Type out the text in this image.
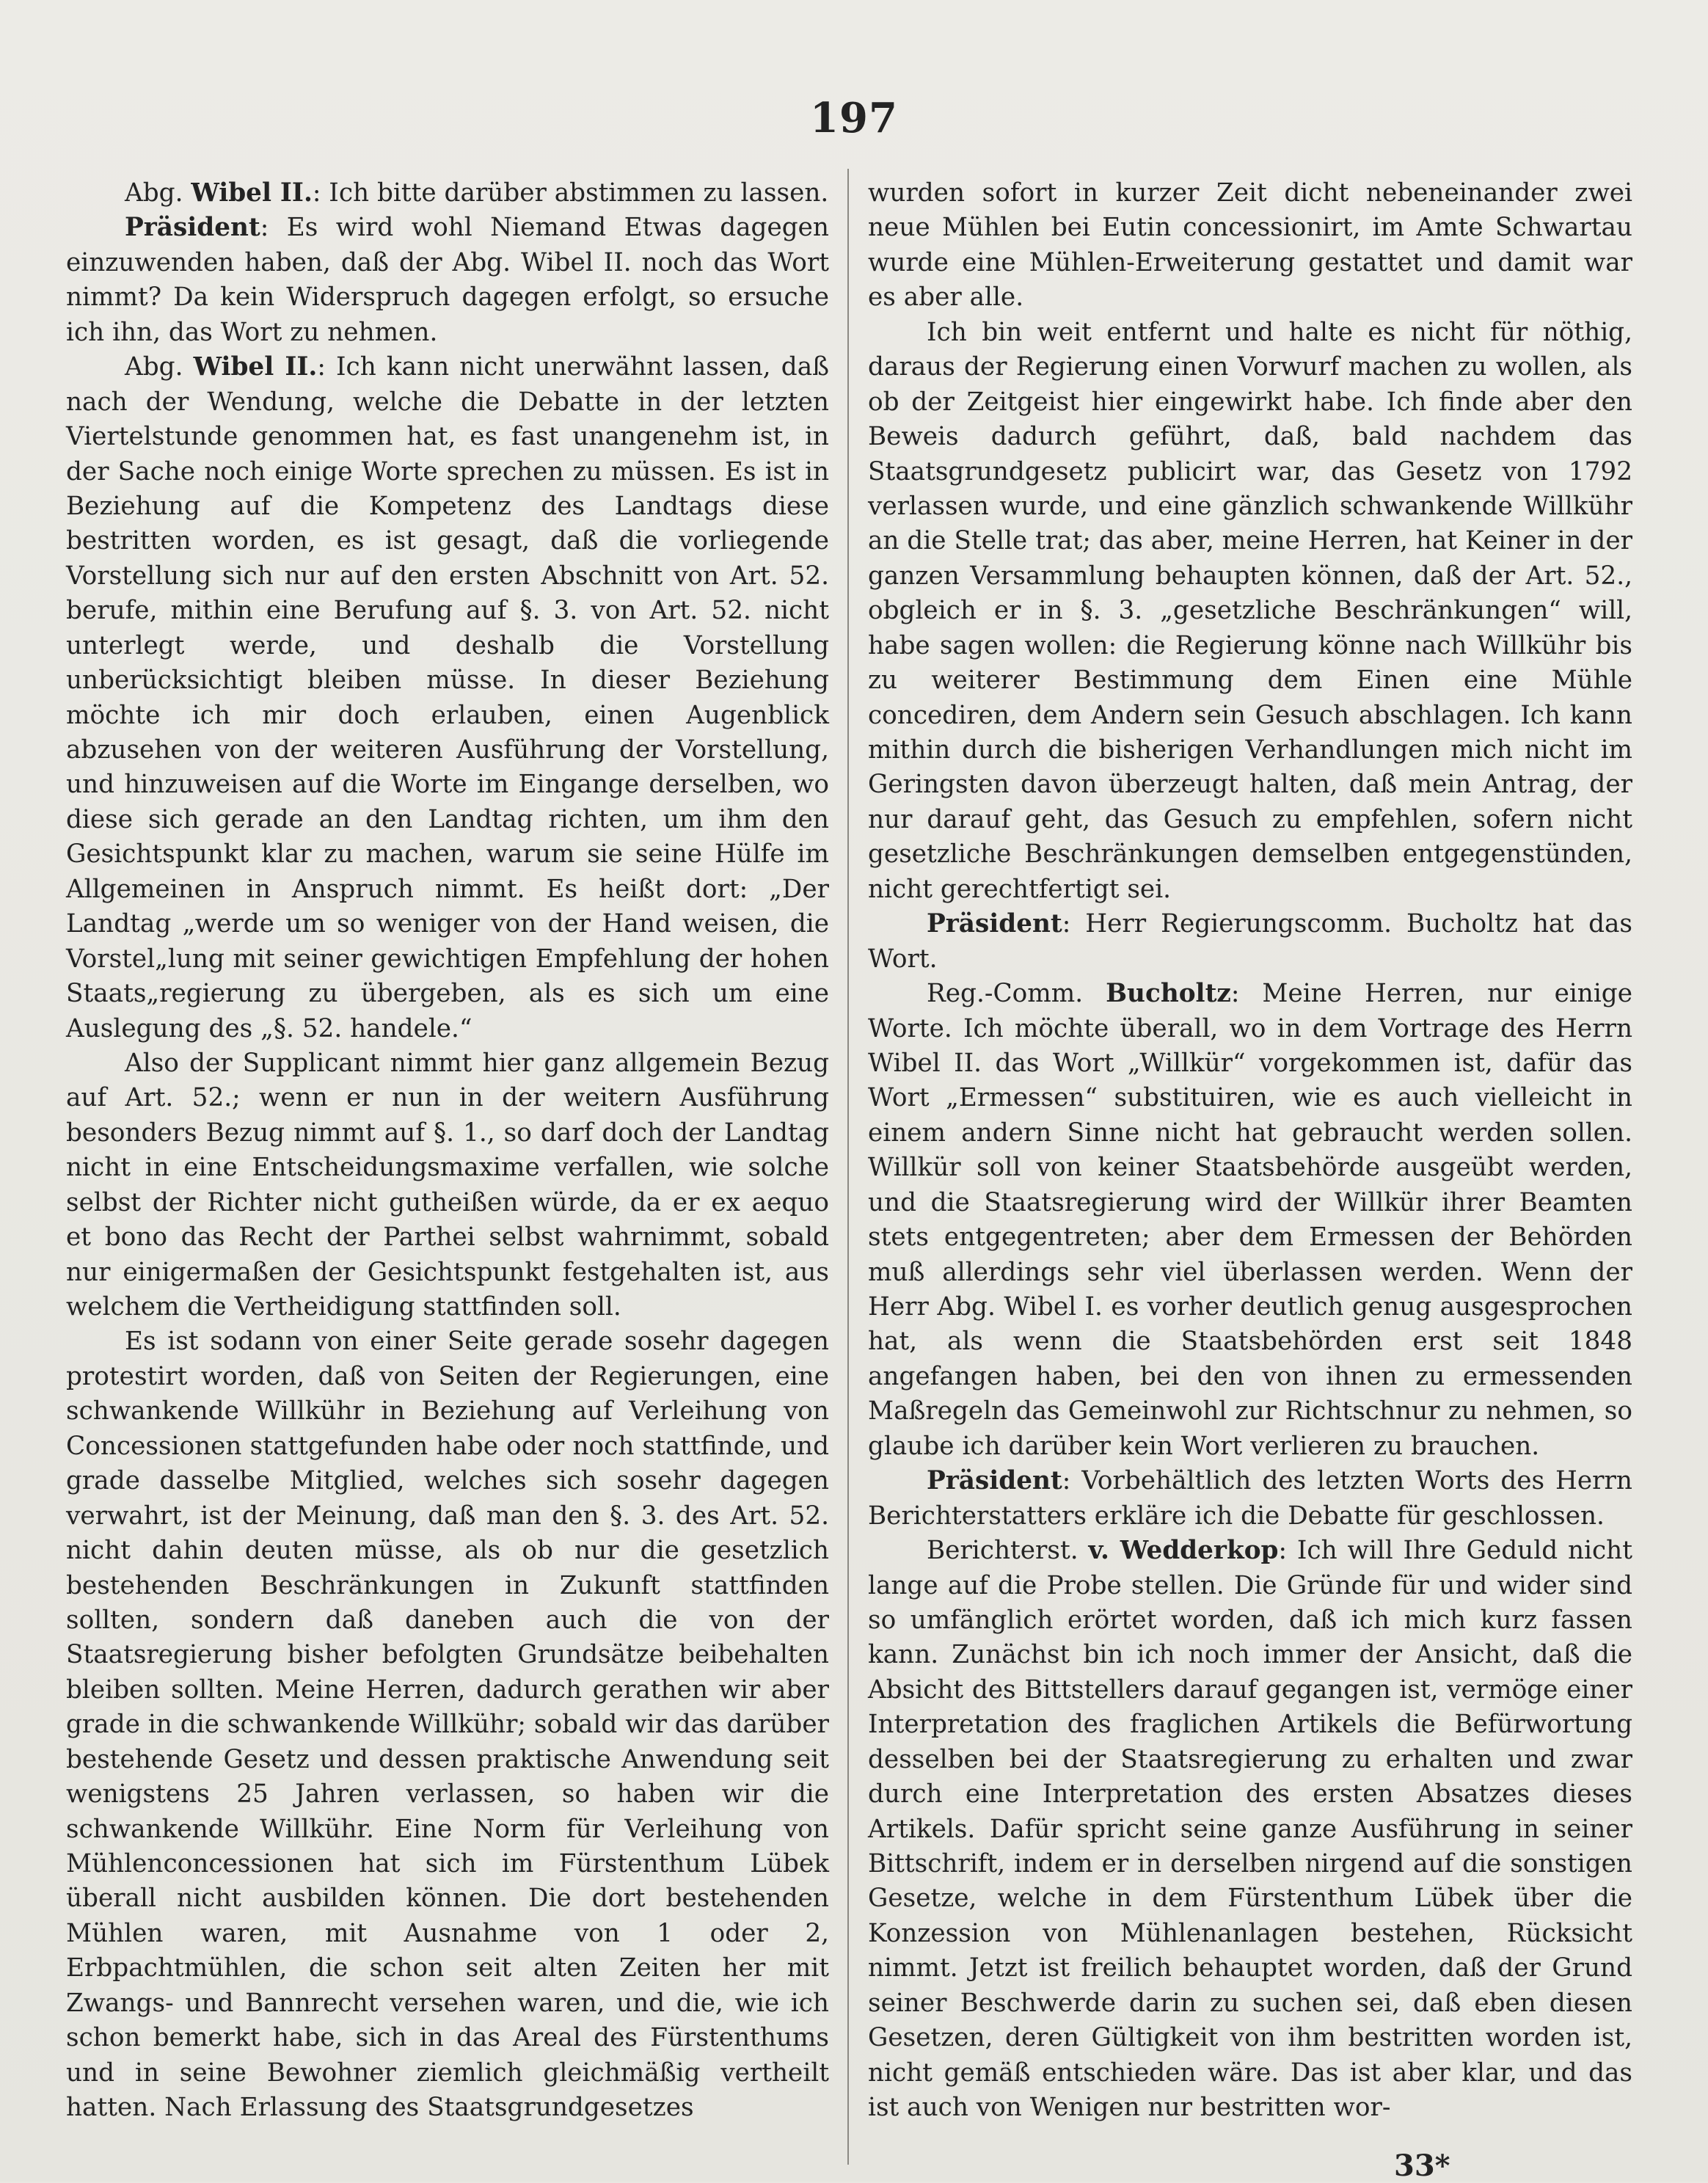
197

Abg. Wibel II.: Ich bitte darüber abstimmen zu lassen.

Präsident: Es wird wohl Niemand Etwas dagegen einzuwenden haben, daß der Abg. Wibel II. noch das Wort nimmt? Da kein Widerspruch dagegen erfolgt, so ersuche ich ihn, das Wort zu nehmen.

Abg. Wibel II.: Ich kann nicht unerwähnt lassen, daß nach der Wendung, welche die Debatte in der letzten Viertelstunde genommen hat, es fast unangenehm ist, in der Sache noch einige Worte sprechen zu müssen. Es ist in Beziehung auf die Kompetenz des Landtags diese bestritten worden, es ist gesagt, daß die vorliegende Vorstellung sich nur auf den ersten Abschnitt von Art. 52. berufe, mithin eine Berufung auf §. 3. von Art. 52. nicht unterlegt werde, und deshalb die Vorstellung unberücksichtigt bleiben müsse. In dieser Beziehung möchte ich mir doch erlauben, einen Augenblick abzusehen von der weiteren Ausführung der Vorstellung, und hinzuweisen auf die Worte im Eingange derselben, wo diese sich gerade an den Landtag richten, um ihm den Gesichtspunkt klar zu machen, warum sie seine Hülfe im Allgemeinen in Anspruch nimmt. Es heißt dort: „Der Landtag „werde um so weniger von der Hand weisen, die Vorstel„lung mit seiner gewichtigen Empfehlung der hohen Staats„regierung zu übergeben, als es sich um eine Auslegung des „§. 52. handele.“

Also der Supplicant nimmt hier ganz allgemein Bezug auf Art. 52.; wenn er nun in der weitern Ausführung besonders Bezug nimmt auf §. 1., so darf doch der Landtag nicht in eine Entscheidungsmaxime verfallen, wie solche selbst der Richter nicht gutheißen würde, da er ex aequo et bono das Recht der Parthei selbst wahrnimmt, sobald nur einigermaßen der Gesichtspunkt festgehalten ist, aus welchem die Vertheidigung stattfinden soll.

Es ist sodann von einer Seite gerade sosehr dagegen protestirt worden, daß von Seiten der Regierungen, eine schwankende Willkühr in Beziehung auf Verleihung von Concessionen stattgefunden habe oder noch stattfinde, und grade dasselbe Mitglied, welches sich sosehr dagegen verwahrt, ist der Meinung, daß man den §. 3. des Art. 52. nicht dahin deuten müsse, als ob nur die gesetzlich bestehenden Beschränkungen in Zukunft stattfinden sollten, sondern daß daneben auch die von der Staatsregierung bisher befolgten Grundsätze beibehalten bleiben sollten. Meine Herren, dadurch gerathen wir aber grade in die schwankende Willkühr; sobald wir das darüber bestehende Gesetz und dessen praktische Anwendung seit wenigstens 25 Jahren verlassen, so haben wir die schwankende Willkühr. Eine Norm für Verleihung von Mühlenconcessionen hat sich im Fürstenthum Lübek überall nicht ausbilden können. Die dort bestehenden Mühlen waren, mit Ausnahme von 1 oder 2, Erbpachtmühlen, die schon seit alten Zeiten her mit Zwangs- und Bannrecht versehen waren, und die, wie ich schon bemerkt habe, sich in das Areal des Fürstenthums und in seine Bewohner ziemlich gleichmäßig vertheilt hatten. Nach Erlassung des Staatsgrundgesetzes

wurden sofort in kurzer Zeit dicht nebeneinander zwei neue Mühlen bei Eutin concessionirt, im Amte Schwartau wurde eine Mühlen-Erweiterung gestattet und damit war es aber alle.

Ich bin weit entfernt und halte es nicht für nöthig, daraus der Regierung einen Vorwurf machen zu wollen, als ob der Zeitgeist hier eingewirkt habe. Ich finde aber den Beweis dadurch geführt, daß, bald nachdem das Staatsgrundgesetz publicirt war, das Gesetz von 1792 verlassen wurde, und eine gänzlich schwankende Willkühr an die Stelle trat; das aber, meine Herren, hat Keiner in der ganzen Versammlung behaupten können, daß der Art. 52., obgleich er in §. 3. „gesetzliche Beschränkungen“ will, habe sagen wollen: die Regierung könne nach Willkühr bis zu weiterer Bestimmung dem Einen eine Mühle concediren, dem Andern sein Gesuch abschlagen. Ich kann mithin durch die bisherigen Verhandlungen mich nicht im Geringsten davon überzeugt halten, daß mein Antrag, der nur darauf geht, das Gesuch zu empfehlen, sofern nicht gesetzliche Beschränkungen demselben entgegenstünden, nicht gerechtfertigt sei.

Präsident: Herr Regierungscomm. Bucholtz hat das Wort.

Reg.-Comm. Bucholtz: Meine Herren, nur einige Worte. Ich möchte überall, wo in dem Vortrage des Herrn Wibel II. das Wort „Willkür“ vorgekommen ist, dafür das Wort „Ermessen“ substituiren, wie es auch vielleicht in einem andern Sinne nicht hat gebraucht werden sollen. Willkür soll von keiner Staatsbehörde ausgeübt werden, und die Staatsregierung wird der Willkür ihrer Beamten stets entgegentreten; aber dem Ermessen der Behörden muß allerdings sehr viel überlassen werden. Wenn der Herr Abg. Wibel I. es vorher deutlich genug ausgesprochen hat, als wenn die Staatsbehörden erst seit 1848 angefangen haben, bei den von ihnen zu ermessenden Maßregeln das Gemeinwohl zur Richtschnur zu nehmen, so glaube ich darüber kein Wort verlieren zu brauchen.

Präsident: Vorbehältlich des letzten Worts des Herrn Berichterstatters erkläre ich die Debatte für geschlossen.

Berichterst. v. Wedderkop: Ich will Ihre Geduld nicht lange auf die Probe stellen. Die Gründe für und wider sind so umfänglich erörtet worden, daß ich mich kurz fassen kann. Zunächst bin ich noch immer der Ansicht, daß die Absicht des Bittstellers darauf gegangen ist, vermöge einer Interpretation des fraglichen Artikels die Befürwortung desselben bei der Staatsregierung zu erhalten und zwar durch eine Interpretation des ersten Absatzes dieses Artikels. Dafür spricht seine ganze Ausführung in seiner Bittschrift, indem er in derselben nirgend auf die sonstigen Gesetze, welche in dem Fürstenthum Lübek über die Konzession von Mühlenanlagen bestehen, Rücksicht nimmt. Jetzt ist freilich behauptet worden, daß der Grund seiner Beschwerde darin zu suchen sei, daß eben diesen Gesetzen, deren Gültigkeit von ihm bestritten worden ist, nicht gemäß entschieden wäre. Das ist aber klar, und das ist auch von Wenigen nur bestritten wor-

33*
